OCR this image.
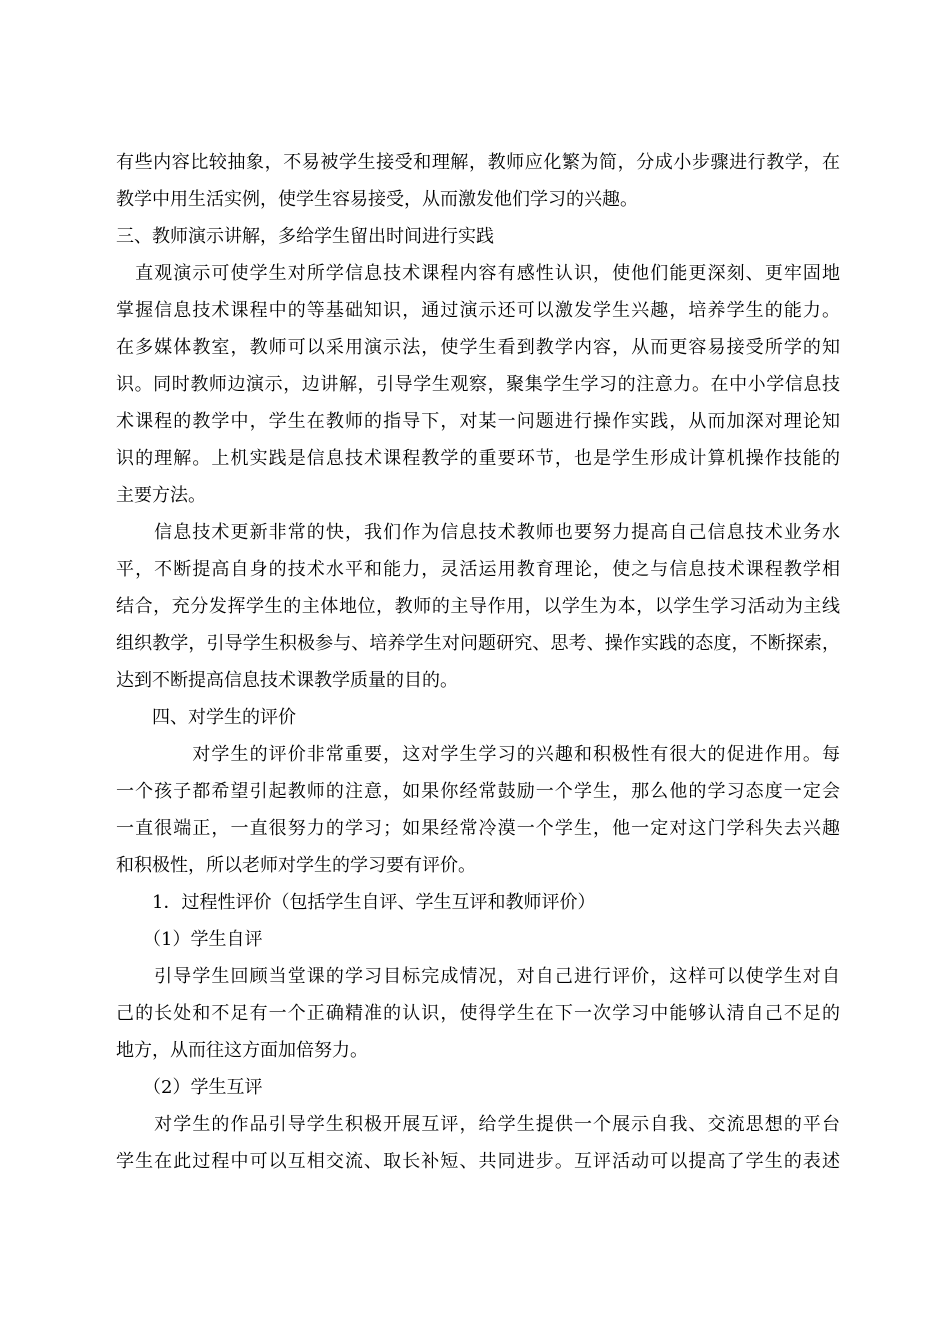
有些内容比较抽象，不易被学生接受和理解，教师应化繁为简，分成小步骤进行教学，在
教学中用生活实例，使学生容易接受，从而激发他们学习的兴趣。
三、教师演示讲解，多给学生留出时间进行实践
　直观演示可使学生对所学信息技术课程内容有感性认识，使他们能更深刻、更牢固地
掌握信息技术课程中的等基础知识，通过演示还可以激发学生兴趣，培养学生的能力。
在多媒体教室，教师可以采用演示法，使学生看到教学内容，从而更容易接受所学的知
识。同时教师边演示，边讲解，引导学生观察，聚集学生学习的注意力。在中小学信息技
术课程的教学中，学生在教师的指导下，对某一问题进行操作实践，从而加深对理论知
识的理解。上机实践是信息技术课程教学的重要环节，也是学生形成计算机操作技能的
主要方法。
　　信息技术更新非常的快，我们作为信息技术教师也要努力提高自己信息技术业务水
平，不断提高自身的技术水平和能力，灵活运用教育理论，使之与信息技术课程教学相
结合，充分发挥学生的主体地位，教师的主导作用，以学生为本，以学生学习活动为主线
组织教学，引导学生积极参与、培养学生对问题研究、思考、操作实践的态度，不断探索，
达到不断提高信息技术课教学质量的目的。
　　四、对学生的评价
　　　　对学生的评价非常重要，这对学生学习的兴趣和积极性有很大的促进作用。每
一个孩子都希望引起教师的注意，如果你经常鼓励一个学生，那么他的学习态度一定会
一直很端正，一直很努力的学习；如果经常冷漠一个学生，他一定对这门学科失去兴趣
和积极性，所以老师对学生的学习要有评价。
　　1．过程性评价（包括学生自评、学生互评和教师评价）
　　（1）学生自评
　　引导学生回顾当堂课的学习目标完成情况，对自己进行评价，这样可以使学生对自
己的长处和不足有一个正确精准的认识，使得学生在下一次学习中能够认清自己不足的
地方，从而往这方面加倍努力。
　　（2）学生互评
　　对学生的作品引导学生积极开展互评，给学生提供一个展示自我、交流思想的平台
学生在此过程中可以互相交流、取长补短、共同进步。互评活动可以提高了学生的表述
